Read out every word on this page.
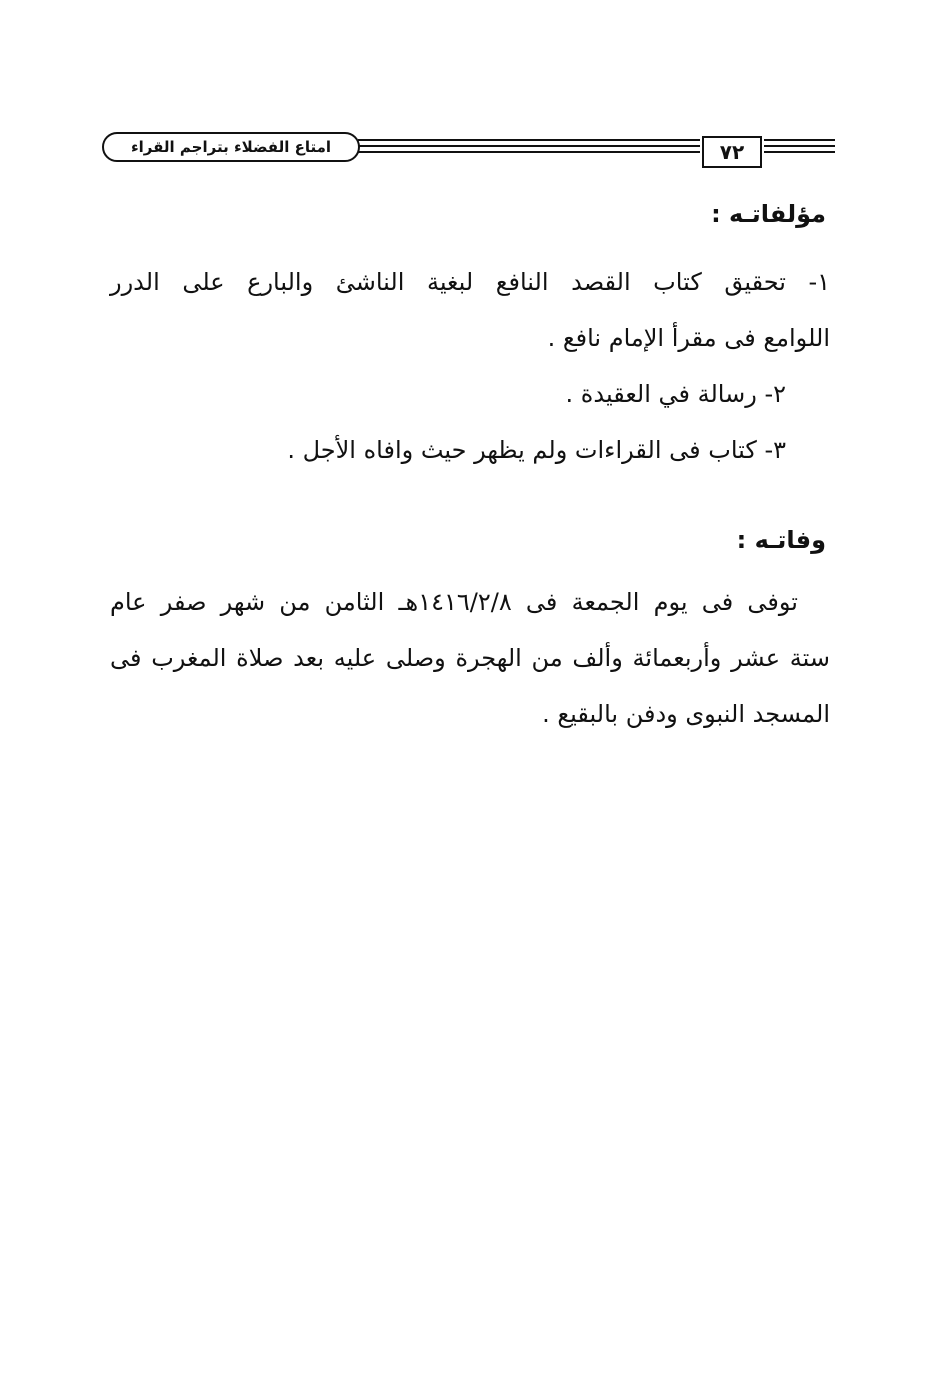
امتاع الفضلاء بتراجم القراء	٧٢
مؤلفاتـه :
١- تحقيق كتاب القصد النافع لبغية الناشئ والبارع على الدرر
اللوامع فى مقرأ الإمام نافع .
٢- رسالة في العقيدة .
٣- كتاب فى القراءات ولم يظهر حيث وافاه الأجل .
وفاتـه :
توفى فى يوم الجمعة فى ١٤١٦/٢/٨هـ الثامن من شهر صفر عام
ستة عشر وأربعمائة وألف من الهجرة وصلى عليه بعد صلاة المغرب فى
المسجد النبوى ودفن بالبقيع .
